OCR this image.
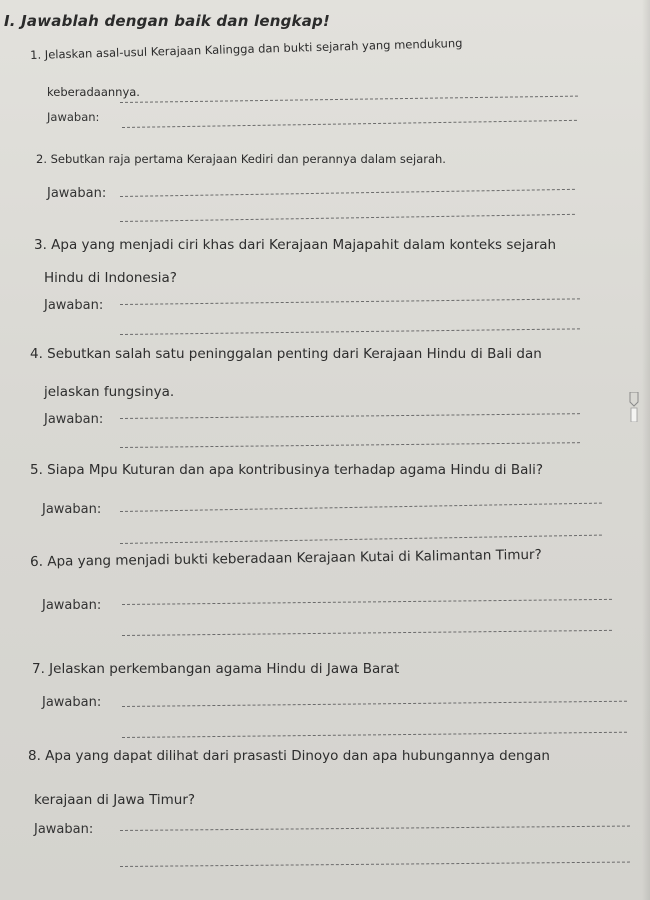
I. Jawablah dengan baik dan lengkap!
1. Jelaskan asal-usul Kerajaan Kalingga dan bukti sejarah yang mendukung
keberadaannya.
Jawaban:
2. Sebutkan raja pertama Kerajaan Kediri dan perannya dalam sejarah.
Jawaban:
3. Apa yang menjadi ciri khas dari Kerajaan Majapahit dalam konteks sejarah
Hindu di Indonesia?
Jawaban:
4. Sebutkan salah satu peninggalan penting dari Kerajaan Hindu di Bali dan
jelaskan fungsinya.
Jawaban:
5. Siapa Mpu Kuturan dan apa kontribusinya terhadap agama Hindu di Bali?
Jawaban:
6. Apa yang menjadi bukti keberadaan Kerajaan Kutai di Kalimantan Timur?
Jawaban:
7. Jelaskan perkembangan agama Hindu di Jawa Barat
Jawaban:
8. Apa yang dapat dilihat dari prasasti Dinoyo dan apa hubungannya dengan
kerajaan di Jawa Timur?
Jawaban:
